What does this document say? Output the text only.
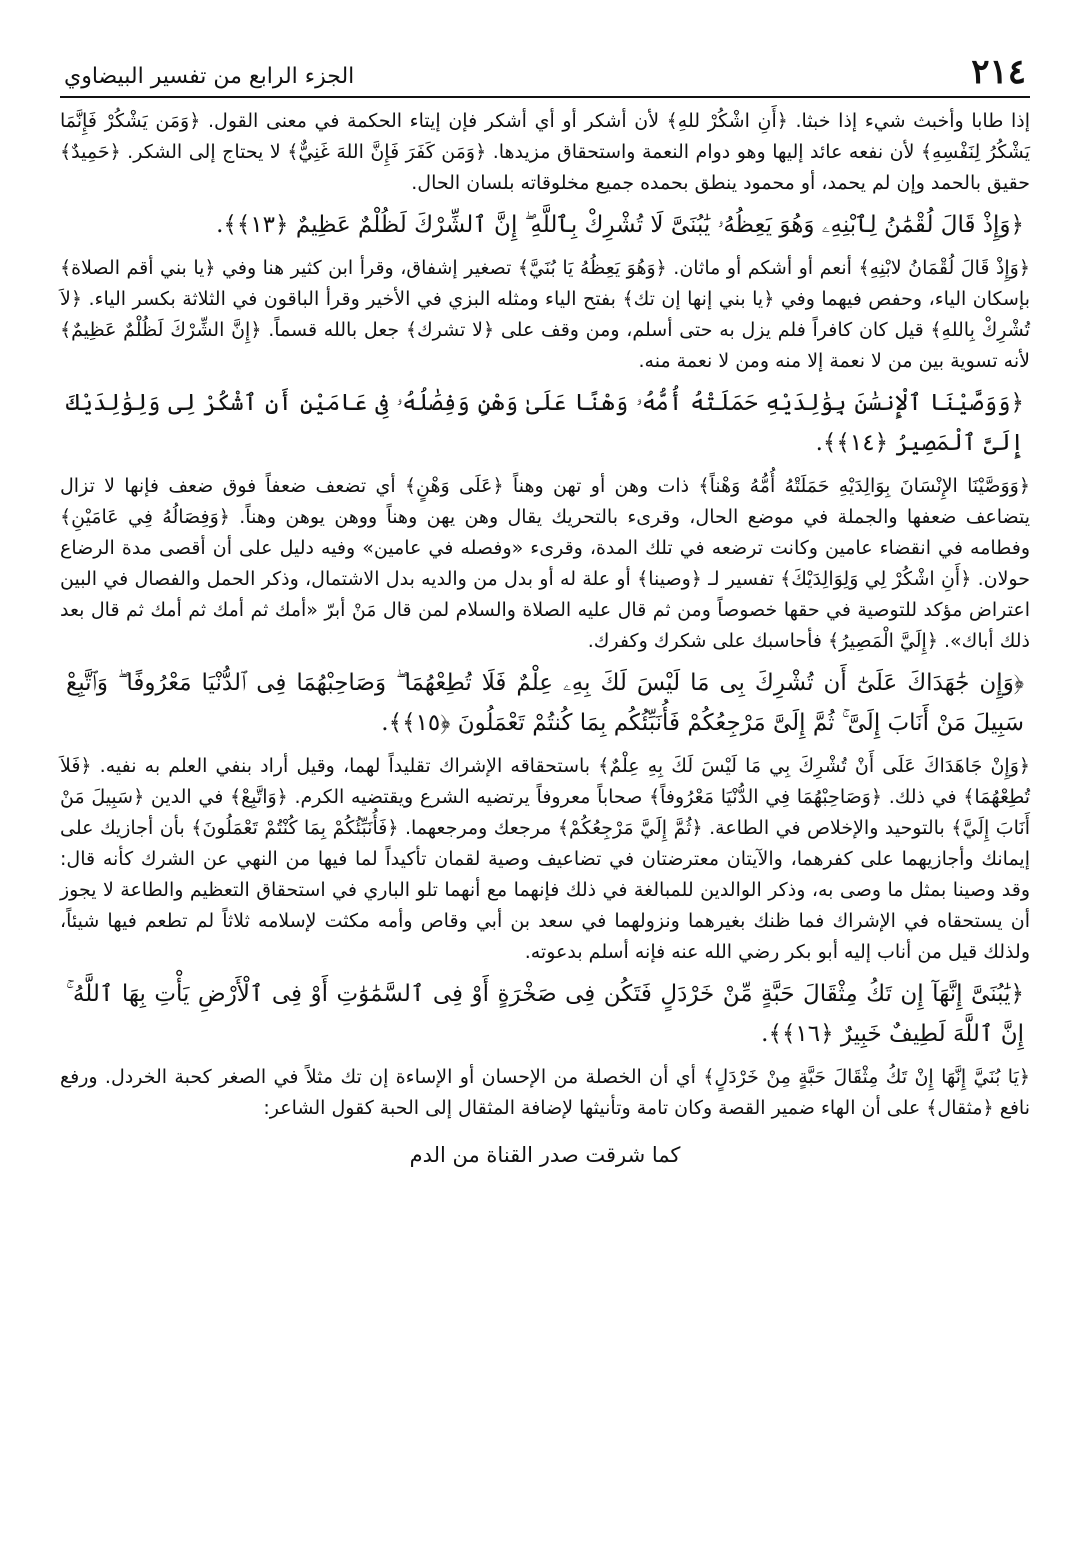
٢١٤
الجزء الرابع من تفسير البيضاوي

إذا طابا وأخبث شيء إذا خبثا. ﴿أَنِ اشْكُرْ للهِ﴾ لأن أشكر أو أي أشكر فإن إيتاء الحكمة في معنى القول. ﴿وَمَن يَشْكُرْ فَإِنَّمَا يَشْكُرُ لِنَفْسِهِ﴾ لأن نفعه عائد إليها وهو دوام النعمة واستحقاق مزيدها. ﴿وَمَن كَفَرَ فَإِنَّ اللهَ غَنِيٌّ﴾ لا يحتاج إلى الشكر. ﴿حَمِيدٌ﴾ حقيق بالحمد وإن لم يحمد، أو محمود ينطق بحمده جميع مخلوقاته بلسان الحال.

﴿وَإِذْ قَالَ لُقْمَٰنُ لِٱبْنِهِۦ وَهُوَ يَعِظُهُۥ يَٰبُنَىَّ لَا تُشْرِكْ بِٱللَّهِ ۖ إِنَّ ٱلشِّرْكَ لَظُلْمٌ عَظِيمٌ ﴿١٣﴾﴾.

﴿وَإِذْ قَالَ لُقْمَانُ لابْنِهِ﴾ أنعم أو أشكم أو ماثان. ﴿وَهُوَ يَعِظُهُ يَا بُنَيَّ﴾ تصغير إشفاق، وقرأ ابن كثير هنا وفي ﴿يا بني أقم الصلاة﴾ بإسكان الياء، وحفص فيهما وفي ﴿يا بني إنها إن تك﴾ بفتح الياء ومثله البزي في الأخير وقرأ الباقون في الثلاثة بكسر الياء. ﴿لاَ تُشْرِكْ بِاللهِ﴾ قيل كان كافراً فلم يزل به حتى أسلم، ومن وقف على ﴿لا تشرك﴾ جعل بالله قسماً. ﴿إِنَّ الشِّرْكَ لَظُلْمٌ عَظِيمٌ﴾ لأنه تسوية بين من لا نعمة إلا منه ومن لا نعمة منه.

﴿وَوَصَّيْنَا ٱلْإِنسَٰنَ بِوَٰلِدَيْهِ حَمَلَتْهُ أُمُّهُۥ وَهْنًا عَلَىٰ وَهْنٍ وَفِصَٰلُهُۥ فِى عَامَيْنِ أَنِ ٱشْكُرْ لِى وَلِوَٰلِدَيْكَ إِلَىَّ ٱلْمَصِيرُ ﴿١٤﴾﴾.

﴿وَوَصَّيْنَا الإِنْسَانَ بِوَالِدَيْهِ حَمَلَتْهُ أُمُّهُ وَهْناً﴾ ذات وهن أو تهن وهناً ﴿عَلَى وَهْنٍ﴾ أي تضعف ضعفاً فوق ضعف فإنها لا تزال يتضاعف ضعفها والجملة في موضع الحال، وقرىء بالتحريك يقال وهن يهن وهناً ووهن يوهن وهناً. ﴿وَفِصَالُهُ فِي عَامَيْنِ﴾ وفطامه في انقضاء عامين وكانت ترضعه في تلك المدة، وقرىء «وفصله في عامين» وفيه دليل على أن أقصى مدة الرضاع حولان. ﴿أَنِ اشْكُرْ لِي وَلِوَالِدَيْكَ﴾ تفسير لـ ﴿وصينا﴾ أو علة له أو بدل من والديه بدل الاشتمال، وذكر الحمل والفصال في البين اعتراض مؤكد للتوصية في حقها خصوصاً ومن ثم قال عليه الصلاة والسلام لمن قال مَنْ أبرّ «أمك ثم أمك ثم أمك ثم قال بعد ذلك أباك». ﴿إِلَيَّ الْمَصِيرُ﴾ فأحاسبك على شكرك وكفرك.

﴿وَإِن جَٰهَدَاكَ عَلَىٰٓ أَن تُشْرِكَ بِى مَا لَيْسَ لَكَ بِهِۦ عِلْمٌ فَلَا تُطِعْهُمَا ۖ وَصَاحِبْهُمَا فِى ٱلدُّنْيَا مَعْرُوفًا ۖ وَٱتَّبِعْ سَبِيلَ مَنْ أَنَابَ إِلَىَّ ۚ ثُمَّ إِلَىَّ مَرْجِعُكُمْ فَأُنَبِّئُكُم بِمَا كُنتُمْ تَعْمَلُونَ ﴿١٥﴾﴾.

﴿وَإِنْ جَاهَدَاكَ عَلَى أَنْ تُشْرِكَ بِي مَا لَيْسَ لَكَ بِهِ عِلْمٌ﴾ باستحقاقه الإشراك تقليداً لهما، وقيل أراد بنفي العلم به نفيه. ﴿فَلاَ تُطِعْهُمَا﴾ في ذلك. ﴿وَصَاحِبْهُمَا فِي الدُّنْيَا مَعْرُوفاً﴾ صحاباً معروفاً يرتضيه الشرع ويقتضيه الكرم. ﴿وَاتَّبِعْ﴾ في الدين ﴿سَبِيلَ مَنْ أَنَابَ إِلَيَّ﴾ بالتوحيد والإخلاص في الطاعة. ﴿ثُمَّ إِلَيَّ مَرْجِعُكُمْ﴾ مرجعك ومرجعهما. ﴿فَأُنَبِّئُكُمْ بِمَا كُنْتُمْ تَعْمَلُونَ﴾ بأن أجازيك على إيمانك وأجازيهما على كفرهما، والآيتان معترضتان في تضاعيف وصية لقمان تأكيداً لما فيها من النهي عن الشرك كأنه قال: وقد وصينا بمثل ما وصى به، وذكر الوالدين للمبالغة في ذلك فإنهما مع أنهما تلو الباري في استحقاق التعظيم والطاعة لا يجوز أن يستحقاه في الإشراك فما ظنك بغيرهما ونزولهما في سعد بن أبي وقاص وأمه مكثت لإسلامه ثلاثاً لم تطعم فيها شيئاً، ولذلك قيل من أناب إليه أبو بكر رضي الله عنه فإنه أسلم بدعوته.

﴿يَٰبُنَىَّ إِنَّهَآ إِن تَكُ مِثْقَالَ حَبَّةٍ مِّنْ خَرْدَلٍ فَتَكُن فِى صَخْرَةٍ أَوْ فِى ٱلسَّمَٰوَٰتِ أَوْ فِى ٱلْأَرْضِ يَأْتِ بِهَا ٱللَّهُ ۚ إِنَّ ٱللَّهَ لَطِيفٌ خَبِيرٌ ﴿١٦﴾﴾.

﴿يَا بُنَيَّ إِنَّهَا إِنْ تَكُ مِثْقَالَ حَبَّةٍ مِنْ خَرْدَلٍ﴾ أي أن الخصلة من الإحسان أو الإساءة إن تك مثلاً في الصغر كحبة الخردل. ورفع نافع ﴿مثقال﴾ على أن الهاء ضمير القصة وكان تامة وتأنيثها لإضافة المثقال إلى الحبة كقول الشاعر:

كما شرقت صدر القناة من الدم
